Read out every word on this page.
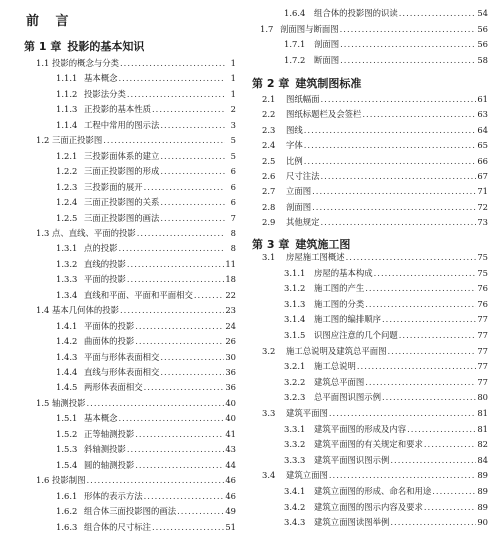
前 言
第 1 章 投影的基本知识
1.1 投影的概念与分类 .....	1
1.1.1 基本概念 .....	1
1.1.2 投影法分类 .....	1
1.1.3 正投影的基本性质 .....	2
1.1.4 工程中常用的图示法 .....	3
1.2 三面正投影图 .....	5
1.2.1 三投影面体系的建立 .....	5
1.2.2 三面正投影图的形成 .....	6
1.2.3 三投影面的展开 .....	6
1.2.4 三面正投影图的关系 .....	6
1.2.5 三面正投影图的画法 .....	7
1.3 点、直线、平面的投影 .....	8
1.3.1 点的投影 .....	8
1.3.2 直线的投影 .....	11
1.3.3 平面的投影 .....	18
1.3.4 直线和平面、平面和平面相交 .....	22
1.4 基本几何体的投影 .....	23
1.4.1 平面体的投影 .....	24
1.4.2 曲面体的投影 .....	26
1.4.3 平面与形体表面相交 .....	30
1.4.4 直线与形体表面相交 .....	36
1.4.5 两形体表面相交 .....	36
1.5 轴测投影 .....	40
1.5.1 基本概念 .....	40
1.5.2 正等轴测投影 .....	41
1.5.3 斜轴测投影 .....	43
1.5.4 圆的轴测投影 .....	44
1.6 投影制图 .....	46
1.6.1 形体的表示方法 .....	46
1.6.2 组合体三面投影图的画法 .....	49
1.6.3 组合体的尺寸标注 .....	51
1.6.4	组合体的投影图的识读 .....	54
1.7 剖面图与断面图 .....	56
1.7.1	剖面图 .....	56
1.7.2	断面图 .....	58
第 2 章 建筑制图标准
2.1	图纸幅面 .....	61
2.2	图纸标题栏及会签栏 .....	63
2.3	图线 .....	64
2.4	字体 .....	65
2.5	比例 .....	66
2.6	尺寸注法 .....	67
2.7	立面图 .....	71
2.8	剖面图 .....	72
2.9	其他规定 .....	73
第 3 章 建筑施工图
3.1	房屋施工图概述 .....	75
3.1.1	房屋的基本构成 .....	75
3.1.2	施工图的产生 .....	76
3.1.3	施工图的分类 .....	76
3.1.4	施工图的编排顺序 .....	77
3.1.5	识图应注意的几个问题 .....	77
3.2	施工总说明及建筑总平面图 .....	77
3.2.1	施工总说明 .....	77
3.2.2	建筑总平面图 .....	77
3.2.3	总平面图识图示例 .....	80
3.3	建筑平面图 .....	81
3.3.1	建筑平面图的形成及内容 .....	81
3.3.2	建筑平面图的有关规定和要求 .....	82
3.3.3	建筑平面图识图示例 .....	84
3.4	建筑立面图 .....	89
3.4.1	建筑立面图的形成、命名和用途 .....	89
3.4.2	建筑立面图的图示内容及要求 .....	89
3.4.3	建筑立面图读图举例 .....	90
